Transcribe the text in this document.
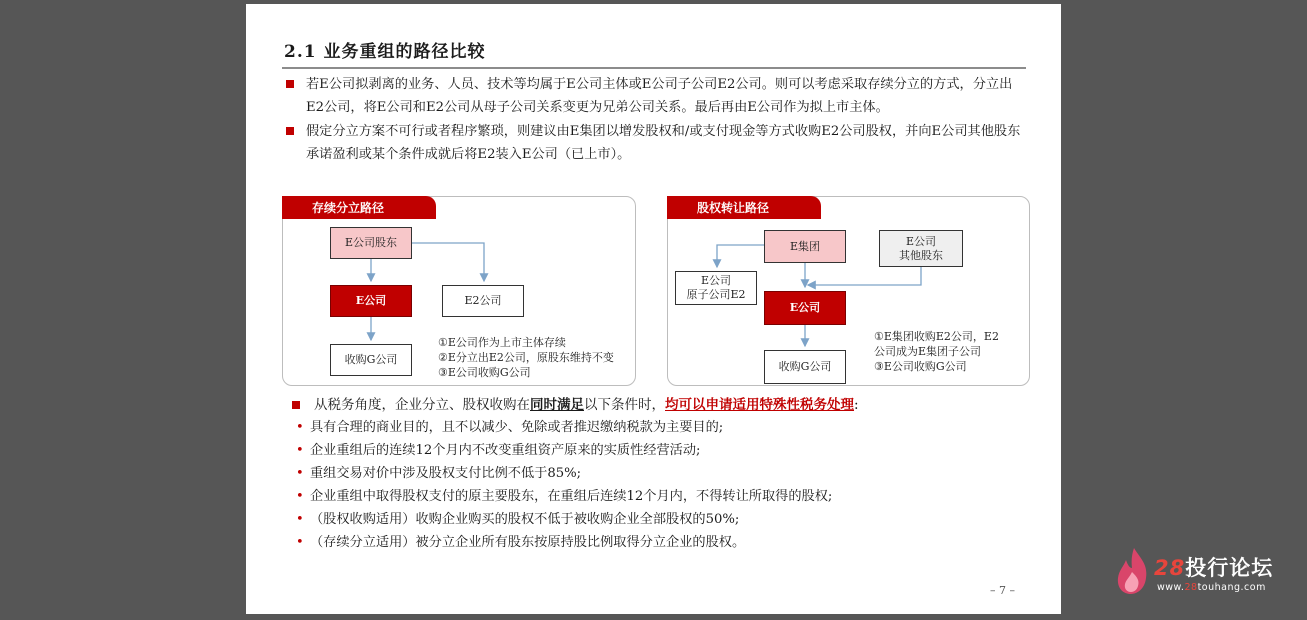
2.1 业务重组的路径比较
若E公司拟剥离的业务、人员、技术等均属于E公司主体或E公司子公司E2公司。则可以考虑采取存续分立的方式，分立出E2公司，将E公司和E2公司从母子公司关系变更为兄弟公司关系。最后再由E公司作为拟上市主体。
假定分立方案不可行或者程序繁琐，则建议由E集团以增发股权和/或支付现金等方式收购E2公司股权，并向E公司其他股东承诺盈利或某个条件成就后将E2装入E公司（已上市）。
存续分立路径
E公司股东
E公司	E2公司
收购G公司
①E公司作为上市主体存续
②E分立出E2公司，原股东维持不变
③E公司收购G公司
股权转让路径
E集团	E公司
其他股东
E公司
原子公司E2
E公司
收购G公司
①E集团收购E2公司，E2
公司成为E集团子公司
③E公司收购G公司
从税务角度，企业分立、股权收购在同时满足以下条件时，均可以申请适用特殊性税务处理:
• 具有合理的商业目的，且不以减少、免除或者推迟缴纳税款为主要目的;
• 企业重组后的连续12个月内不改变重组资产原来的实质性经营活动;
• 重组交易对价中涉及股权支付比例不低于85%;
• 企业重组中取得股权支付的原主要股东，在重组后连续12个月内，不得转让所取得的股权;
• （股权收购适用）收购企业购买的股权不低于被收购企业全部股权的50%;
• （存续分立适用）被分立企业所有股东按原持股比例取得分立企业的股权。
– 7 –
28投行论坛
www.28touhang.com
